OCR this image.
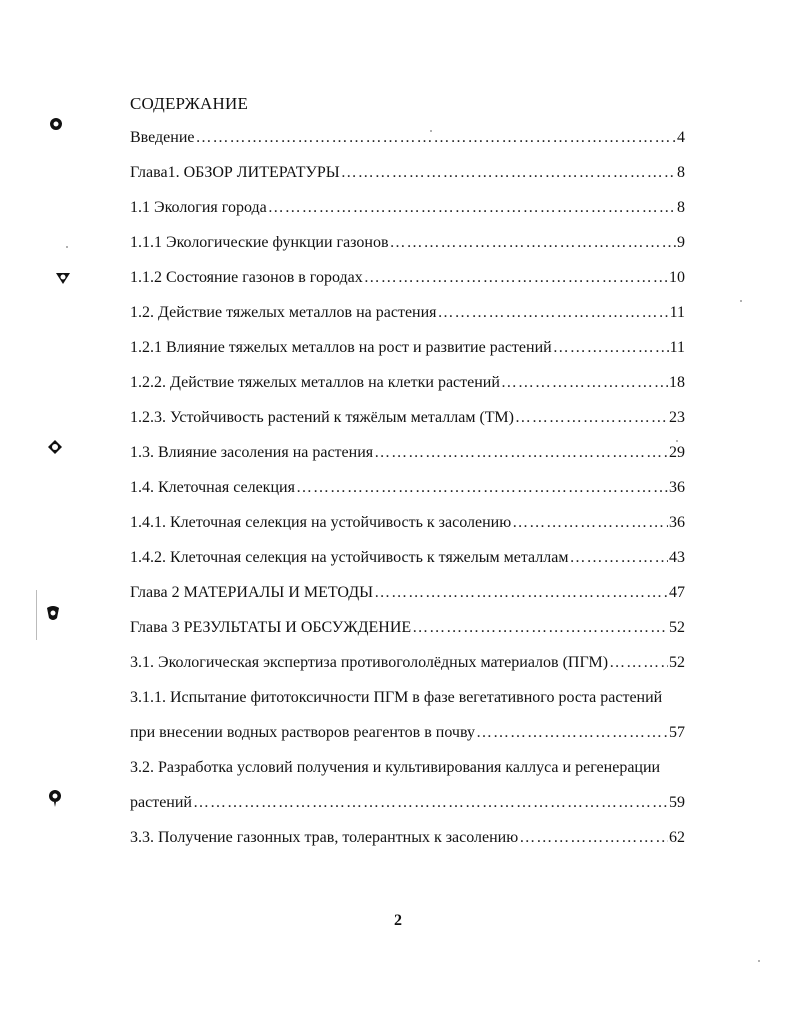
СОДЕРЖАНИЕ
Введение ……………………………………………………………………………………………………………………………………	4
Глава1. ОБЗОР ЛИТЕРАТУРЫ ……………………………………………………………………………………………………………………………………	8
1.1 Экология города ……………………………………………………………………………………………………………………………………	8
1.1.1 Экологические функции газонов ……………………………………………………………………………………………………………………………………	9
1.1.2 Состояние газонов в городах ……………………………………………………………………………………………………………………………………	10
1.2. Действие тяжелых металлов на растения ……………………………………………………………………………………………………………………………………	11
1.2.1 Влияние тяжелых металлов на рост и развитие растений ……………………………………………………………………………………………………………………………………	11
1.2.2. Действие тяжелых металлов на клетки растений ……………………………………………………………………………………………………………………………………	18
1.2.3. Устойчивость растений к тяжёлым металлам (ТМ) ……………………………………………………………………………………………………………………………………	23
1.3. Влияние засоления на растения ……………………………………………………………………………………………………………………………………	29
1.4. Клеточная селекция ……………………………………………………………………………………………………………………………………	36
1.4.1. Клеточная селекция на устойчивость к засолению ……………………………………………………………………………………………………………………………………	36
1.4.2. Клеточная селекция на устойчивость к тяжелым металлам ……………………………………………………………………………………………………………………………………	43
Глава 2 МАТЕРИАЛЫ И МЕТОДЫ ……………………………………………………………………………………………………………………………………	47
Глава 3 РЕЗУЛЬТАТЫ И ОБСУЖДЕНИЕ ……………………………………………………………………………………………………………………………………	52
3.1. Экологическая экспертиза противогололёдных материалов (ПГМ) ……………………………………………………………………………………………………………………………………	52
3.1.1. Испытание фитотоксичности ПГМ в фазе вегетативного роста растений
при внесении водных растворов реагентов в почву ……………………………………………………………………………………………………………………………………	57
3.2. Разработка условий получения и культивирования каллуса и регенерации
растений ……………………………………………………………………………………………………………………………………	59
3.3. Получение газонных трав, толерантных к засолению ……………………………………………………………………………………………………………………………………	62
2
